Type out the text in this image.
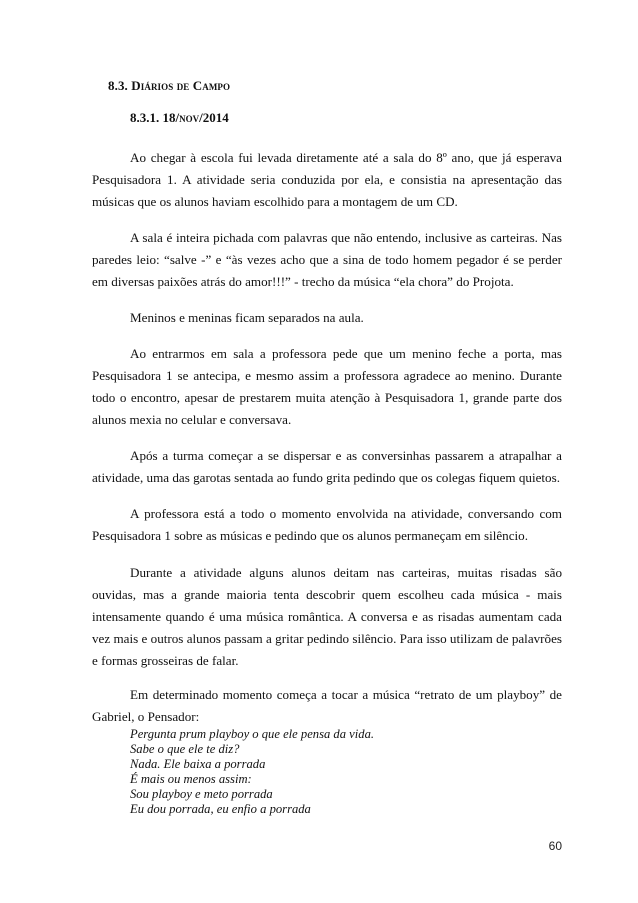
8.3. Diários de Campo
8.3.1. 18/nov/2014

Ao chegar à escola fui levada diretamente até a sala do 8º ano, que já esperava Pesquisadora 1. A atividade seria conduzida por ela, e consistia na apresentação das músicas que os alunos haviam escolhido para a montagem de um CD.

A sala é inteira pichada com palavras que não entendo, inclusive as carteiras. Nas paredes leio: “salve -” e “às vezes acho que a sina de todo homem pegador é se perder em diversas paixões atrás do amor!!!” - trecho da música “ela chora” do Projota.

Meninos e meninas ficam separados na aula.

Ao entrarmos em sala a professora pede que um menino feche a porta, mas Pesquisadora 1 se antecipa, e mesmo assim a professora agradece ao menino. Durante todo o encontro, apesar de prestarem muita atenção à Pesquisadora 1, grande parte dos alunos mexia no celular e conversava.

Após a turma começar a se dispersar e as conversinhas passarem a atrapalhar a atividade, uma das garotas sentada ao fundo grita pedindo que os colegas fiquem quietos.

A professora está a todo o momento envolvida na atividade, conversando com Pesquisadora 1 sobre as músicas e pedindo que os alunos permaneçam em silêncio.

Durante a atividade alguns alunos deitam nas carteiras, muitas risadas são ouvidas, mas a grande maioria tenta descobrir quem escolheu cada música - mais intensamente quando é uma música romântica. A conversa e as risadas aumentam cada vez mais e outros alunos passam a gritar pedindo silêncio. Para isso utilizam de palavrões e formas grosseiras de falar.

Em determinado momento começa a tocar a música “retrato de um playboy” de Gabriel, o Pensador:

Pergunta prum playboy o que ele pensa da vida.
Sabe o que ele te diz?
Nada. Ele baixa a porrada
É mais ou menos assim:
Sou playboy e meto porrada
Eu dou porrada, eu enfio a porrada
60
